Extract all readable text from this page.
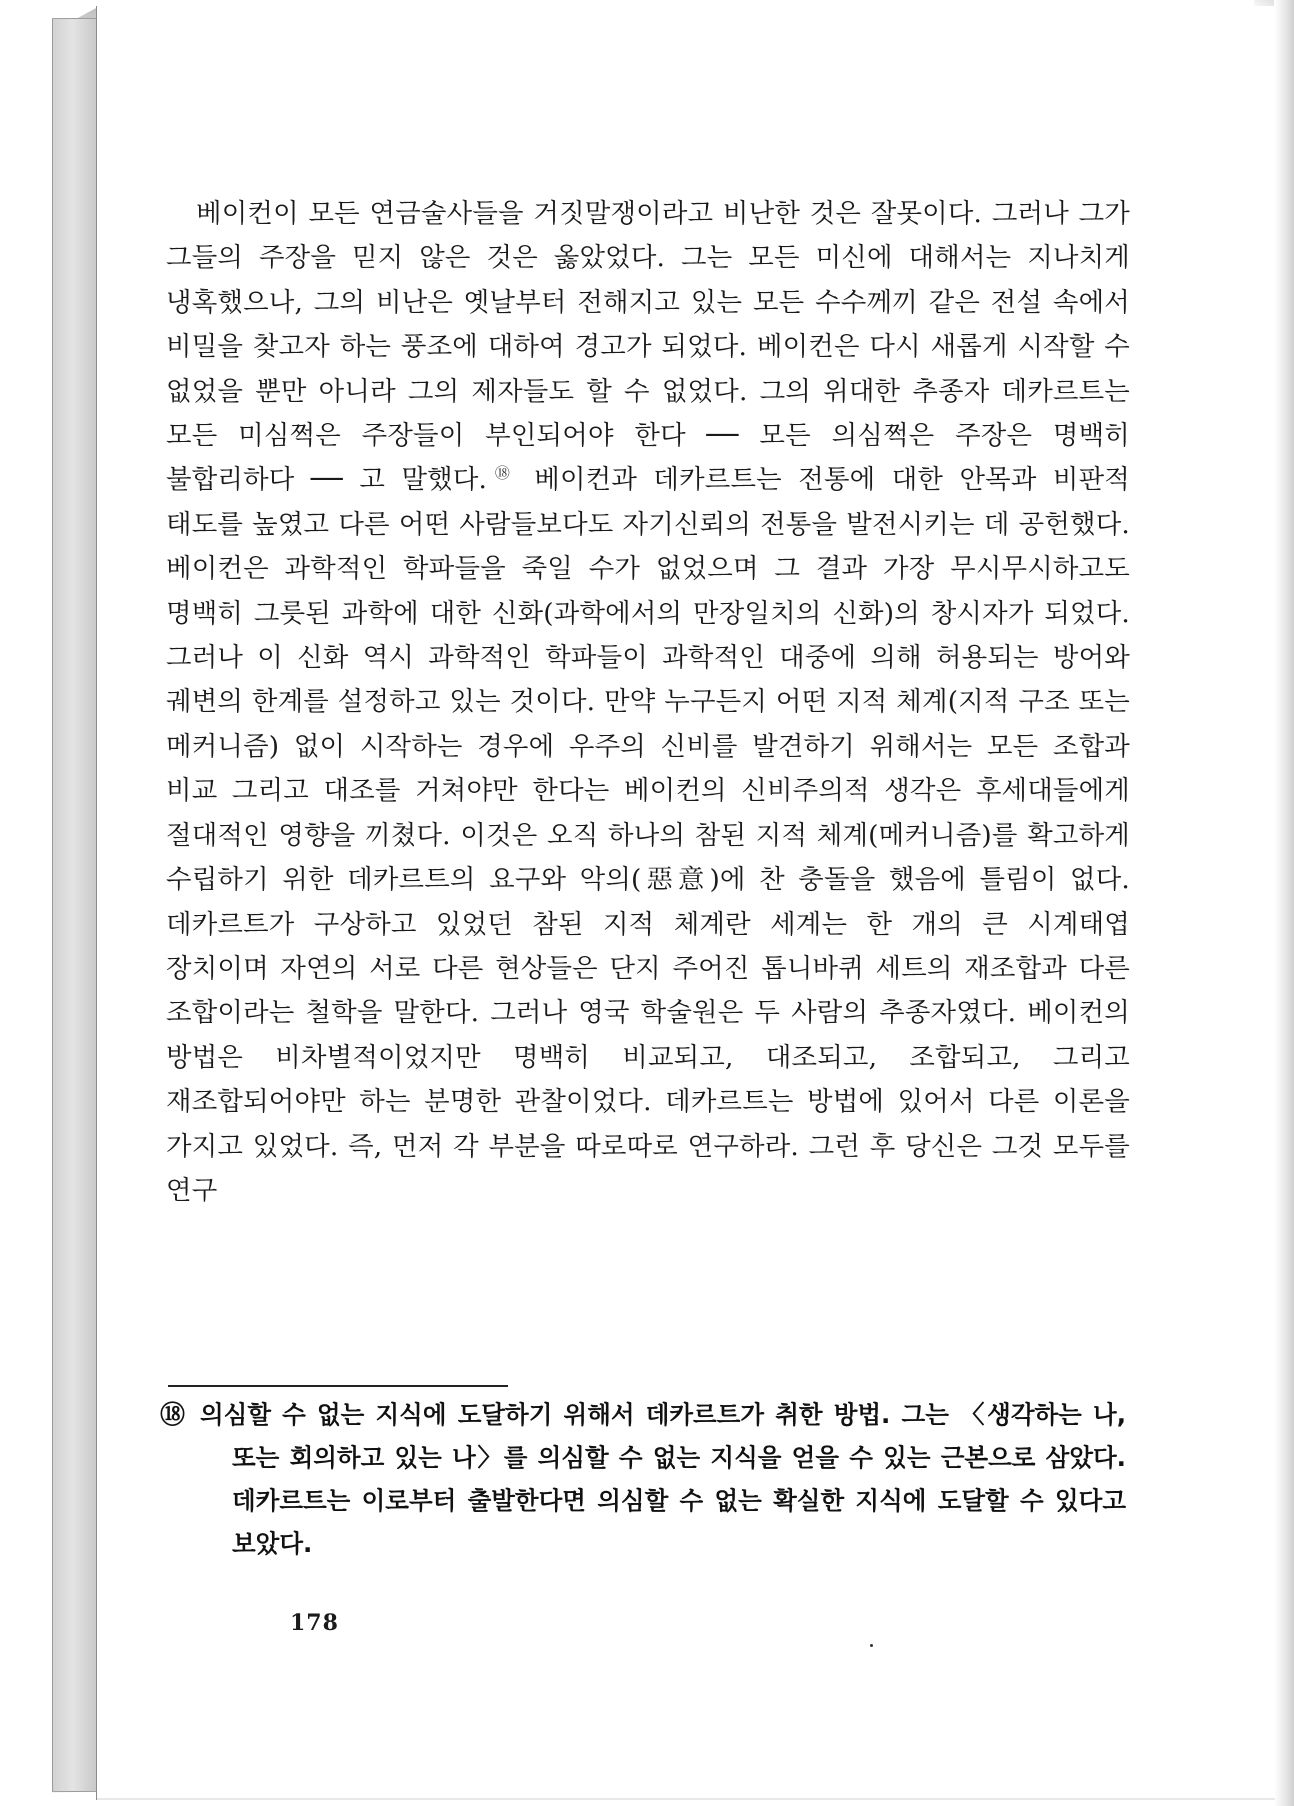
베이컨이 모든 연금술사들을 거짓말쟁이라고 비난한 것은 잘못이다. 그러나 그가 그들의 주장을 믿지 않은 것은 옳았었다. 그는 모든 미신에 대해서는 지나치게 냉혹했으나, 그의 비난은 옛날부터 전해지고 있는 모든 수수께끼 같은 전설 속에서 비밀을 찾고자 하는 풍조에 대하여 경고가 되었다. 베이컨은 다시 새롭게 시작할 수 없었을 뿐만 아니라 그의 제자들도 할 수 없었다. 그의 위대한 추종자 데카르트는 모든 미심쩍은 주장들이 부인되어야 한다 ── 모든 의심쩍은 주장은 명백히 불합리하다 ── 고 말했다.⑱ 베이컨과 데카르트는 전통에 대한 안목과 비판적 태도를 높였고 다른 어떤 사람들보다도 자기신뢰의 전통을 발전시키는 데 공헌했다. 베이컨은 과학적인 학파들을 죽일 수가 없었으며 그 결과 가장 무시무시하고도 명백히 그릇된 과학에 대한 신화(과학에서의 만장일치의 신화)의 창시자가 되었다. 그러나 이 신화 역시 과학적인 학파들이 과학적인 대중에 의해 허용되는 방어와 궤변의 한계를 설정하고 있는 것이다. 만약 누구든지 어떤 지적 체계(지적 구조 또는 메커니즘) 없이 시작하는 경우에 우주의 신비를 발견하기 위해서는 모든 조합과 비교 그리고 대조를 거쳐야만 한다는 베이컨의 신비주의적 생각은 후세대들에게 절대적인 영향을 끼쳤다. 이것은 오직 하나의 참된 지적 체계(메커니즘)를 확고하게 수립하기 위한 데카르트의 요구와 악의(惡意)에 찬 충돌을 했음에 틀림이 없다. 데카르트가 구상하고 있었던 참된 지적 체계란 세계는 한 개의 큰 시계태엽 장치이며 자연의 서로 다른 현상들은 단지 주어진 톱니바퀴 세트의 재조합과 다른 조합이라는 철학을 말한다. 그러나 영국 학술원은 두 사람의 추종자였다. 베이컨의 방법은 비차별적이었지만 명백히 비교되고, 대조되고, 조합되고, 그리고 재조합되어야만 하는 분명한 관찰이었다. 데카르트는 방법에 있어서 다른 이론을 가지고 있었다. 즉, 먼저 각 부분을 따로따로 연구하라. 그런 후 당신은 그것 모두를 연구

의심할 수 없는 지식에 도달하기 위해서 데카르트가 취한 방법. 그는 〈생각하는 나, 또는 회의하고 있는 나〉를 의심할 수 없는 지식을 얻을 수 있는 근본으로 삼았다. 데카르트는 이로부터 출발한다면 의심할 수 없는 확실한 지식에 도달할 수 있다고 보았다.
178
